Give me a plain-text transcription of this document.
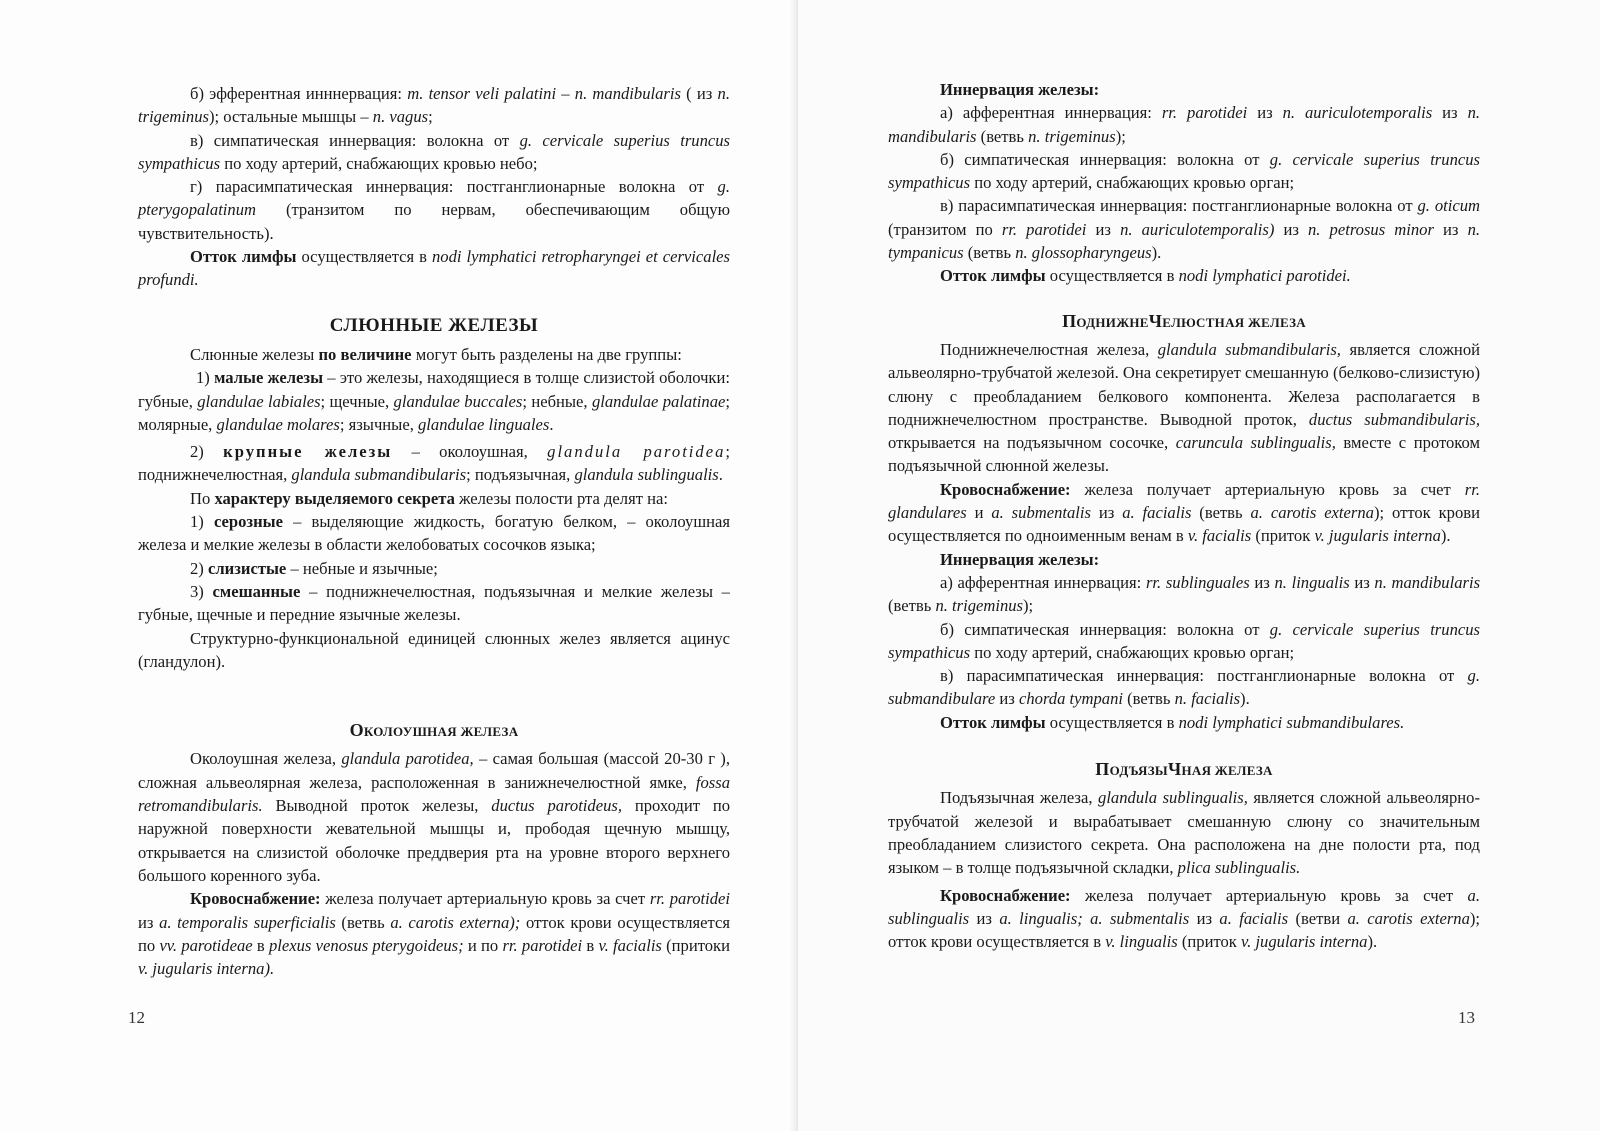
б) эфферентная инннервация: m. tensor veli palatini – n. mandibularis ( из n. trigeminus); остальные мышцы – n. vagus;

в) симпатическая иннервация: волокна от g. cervicale superius truncus sympathicus по ходу артерий, снабжающих кровью небо;

г) парасимпатическая иннервация: постганглионарные волокна от g. pterygopalatinum (транзитом по нервам, обеспечивающим общую чувствительность).

Отток лимфы осуществляется в nodi lymphatici retropharyngei et cervicales profundi.

СЛЮННЫЕ ЖЕЛЕЗЫ

Слюнные железы по величине могут быть разделены на две группы:

1) малые железы – это железы, находящиеся в толще слизистой оболочки: губные, glandulae labiales; щечные, glandulae buccales; небные, glandulae palatinae; молярные, glandulae molares; язычные, glandulae linguales.

2) крупные железы – околоушная, glandula parotidea; поднижнечелюстная, glandula submandibularis; подъязычная, glandula sublingualis.

По характеру выделяемого секрета железы полости рта делят на:

1) серозные – выделяющие жидкость, богатую белком, – околоушная железа и мелкие железы в области желобоватых сосочков языка;

2) слизистые – небные и язычные;

3) смешанные – поднижнечелюстная, подъязычная и мелкие железы – губные, щечные и передние язычные железы.

Структурно-функциональной единицей слюнных желез является ацинус (гландулон).

ОКОЛОУШНАЯ ЖЕЛЕЗА

Околоушная железа, glandula parotidea, – самая большая (массой 20-30 г ), сложная альвеолярная железа, расположенная в занижнечелюстной ямке, fossa retromandibularis. Выводной проток железы, ductus parotideus, проходит по наружной поверхности жевательной мышцы и, прободая щечную мышцу, открывается на слизистой оболочке преддверия рта на уровне второго верхнего большого коренного зуба.

Кровоснабжение: железа получает артериальную кровь за счет rr. parotidei из a. temporalis superficialis (ветвь a. carotis externa); отток крови осуществляется по vv. parotideae в plexus venosus pterygoideus; и по rr. parotidei в v. facialis (притоки v. jugularis interna).

12

Иннервация железы:

а) афферентная иннервация: rr. parotidei из n. auriculotemporalis из n. mandibularis (ветвь n. trigeminus);

б) симпатическая иннервация: волокна от g. cervicale superius truncus sympathicus по ходу артерий, снабжающих кровью орган;

в) парасимпатическая иннервация: постганглионарные волокна от g. oticum (транзитом по rr. parotidei из n. auriculotemporalis) из n. petrosus minor из n. tympanicus (ветвь n. glossopharyngeus).

Отток лимфы осуществляется в nodi lymphatici parotidei.

ПОДНИЖНЕЧЕЛЮСТНАЯ ЖЕЛЕЗА

Поднижнечелюстная железа, glandula submandibularis, является сложной альвеолярно-трубчатой железой. Она секретирует смешанную (белково-слизистую) слюну с преобладанием белкового компонента. Железа располагается в поднижнечелюстном пространстве. Выводной проток, ductus submandibularis, открывается на подъязычном сосочке, caruncula sublingualis, вместе с протоком подъязычной слюнной железы.

Кровоснабжение: железа получает артериальную кровь за счет rr. glandulares и a. submentalis из a. facialis (ветвь a. carotis externa); отток крови осуществляется по одноименным венам в v. facialis (приток v. jugularis interna).

Иннервация железы:

а) афферентная иннервация: rr. sublinguales из n. lingualis из n. mandibularis (ветвь n. trigeminus);

б) симпатическая иннервация: волокна от g. cervicale superius truncus sympathicus по ходу артерий, снабжающих кровью орган;

в) парасимпатическая иннервация: постганглионарные волокна от g. submandibulare из chorda tympani (ветвь n. facialis).

Отток лимфы осуществляется в nodi lymphatici submandibulares.

ПОДЪЯЗЫЧНАЯ ЖЕЛЕЗА

Подъязычная железа, glandula sublingualis, является сложной альвеолярно-трубчатой железой и вырабатывает смешанную слюну со значительным преобладанием слизистого секрета. Она расположена на дне полости рта, под языком – в толще подъязычной складки, plica sublingualis.

Кровоснабжение: железа получает артериальную кровь за счет a. sublingualis из a. lingualis; a. submentalis из a. facialis (ветви a. carotis externa); отток крови осуществляется в v. lingualis (приток v. jugularis interna).

13
